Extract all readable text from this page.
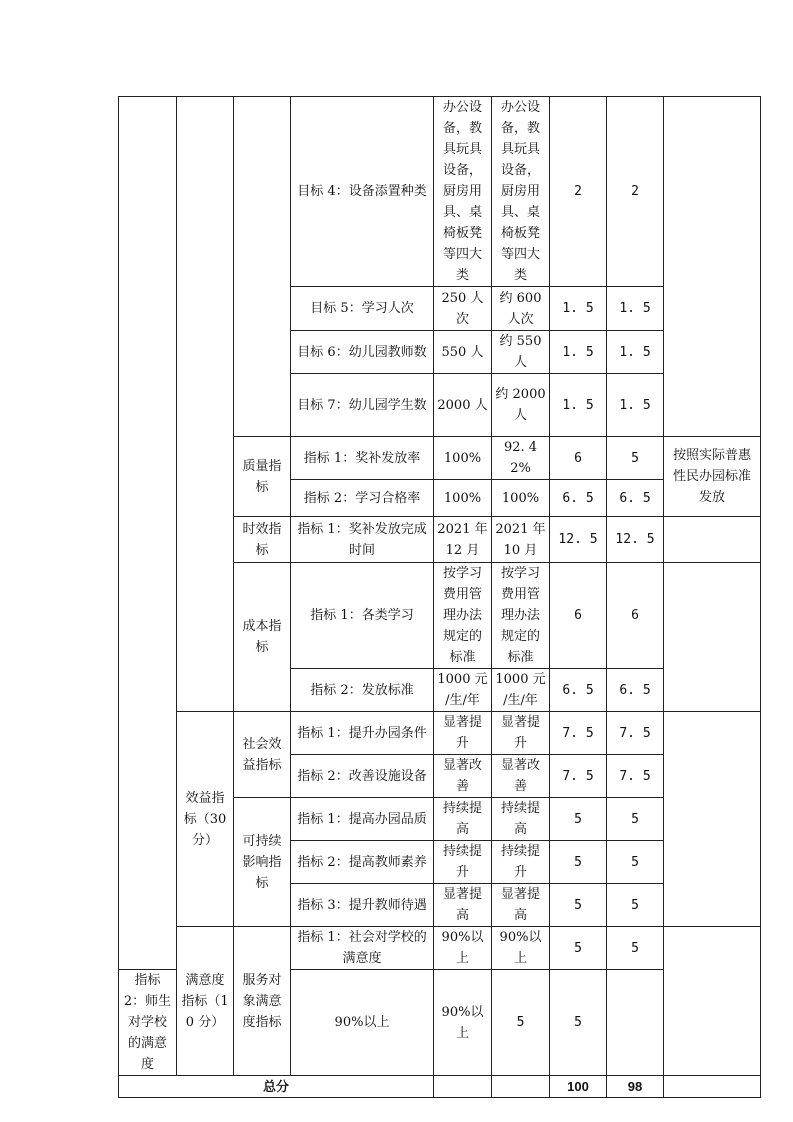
			目标 4：设备添置种类	办公设备，教具玩具设备，厨房用具、桌椅板凳等四大类	办公设备，教具玩具设备，厨房用具、桌椅板凳等四大类	2	2	
			目标 5：学习人次	250 人次	约 600 人次	1. 5	1. 5	
			目标 6：幼儿园教师数	550 人	约 550 人	1. 5	1. 5	
			目标 7：幼儿园学生数	2000 人	约 2000 人	1. 5	1. 5	
		质量指标	指标 1：奖补发放率	100%	92. 42%	6	5	按照实际普惠性民办园标准发放
			指标 2：学习合格率	100%	100%	6. 5	6. 5	
		时效指标	指标 1：奖补发放完成时间	2021 年 12 月	2021 年 10 月	12. 5	12. 5	
		成本指标	指标 1：各类学习	按学习费用管理办法规定的标准	按学习费用管理办法规定的标准	6	6	
			指标 2：发放标准	1000 元 /生/年	1000 元 /生/年	6. 5	6. 5	
	效益指标（30 分）	社会效益指标	指标 1：提升办园条件	显著提升	显著提升	7. 5	7. 5	
			指标 2：改善设施设备	显著改善	显著改善	7. 5	7. 5	
		可持续影响指标	指标 1：提高办园品质	持续提高	持续提高	5	5	
			指标 2：提高教师素养	持续提升	持续提升	5	5	
			指标 3：提升教师待遇	显著提高	显著提高	5	5	
	满意度指标（10 分）	服务对象满意度指标	指标 1：社会对学校的满意度	90%以上	90%以上	5	5	
指标 2：师生对学校的满意度			90%以上	90%以上	5	5		
总分						100	98	
